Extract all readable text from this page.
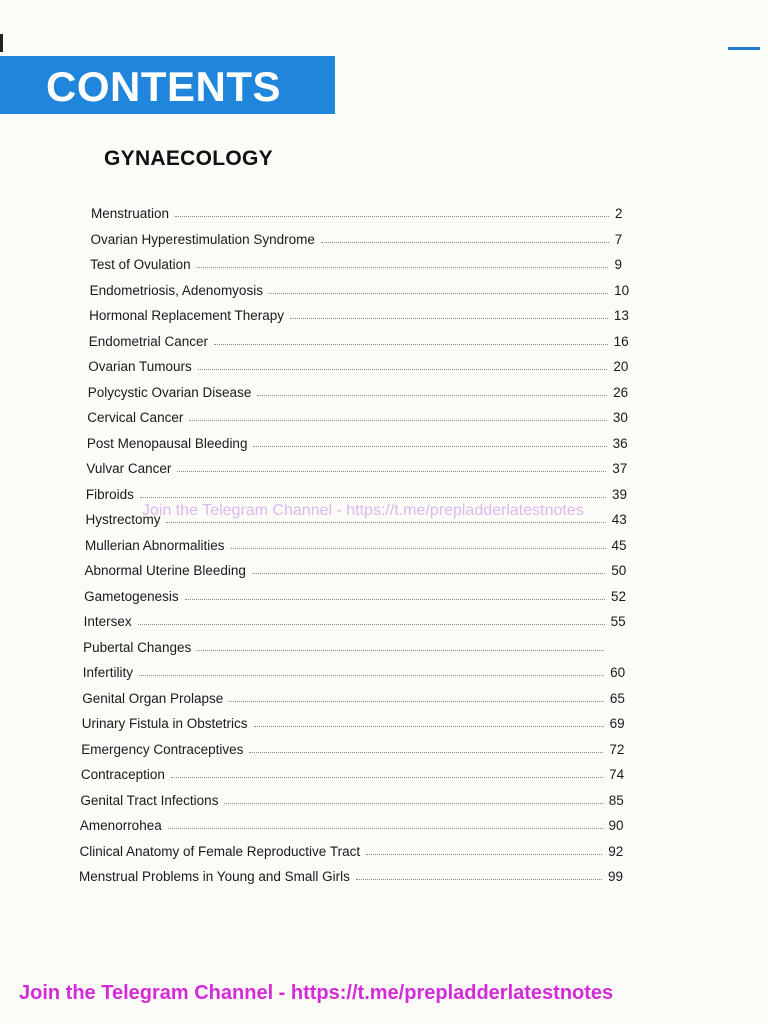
CONTENTS
GYNAECOLOGY
Menstruation	2
Ovarian Hyperestimulation Syndrome	7
Test of Ovulation	9
Endometriosis, Adenomyosis	10
Hormonal Replacement Therapy	13
Endometrial Cancer	16
Ovarian Tumours	20
Polycystic Ovarian Disease	26
Cervical Cancer	30
Post Menopausal Bleeding	36
Vulvar Cancer	37
Fibroids	39
Hystrectomy	43
Mullerian Abnormalities	45
Abnormal Uterine Bleeding	50
Gametogenesis	52
Intersex	55
Pubertal Changes
Infertility	60
Genital Organ Prolapse	65
Urinary Fistula in Obstetrics	69
Emergency Contraceptives	72
Contraception	74
Genital Tract Infections	85
Amenorrohea	90
Clinical Anatomy of Female Reproductive Tract	92
Menstrual Problems in Young and Small Girls	99
Join the Telegram Channel - https://t.me/prepladderlatestnotes
Join the Telegram Channel - https://t.me/prepladderlatestnotes
